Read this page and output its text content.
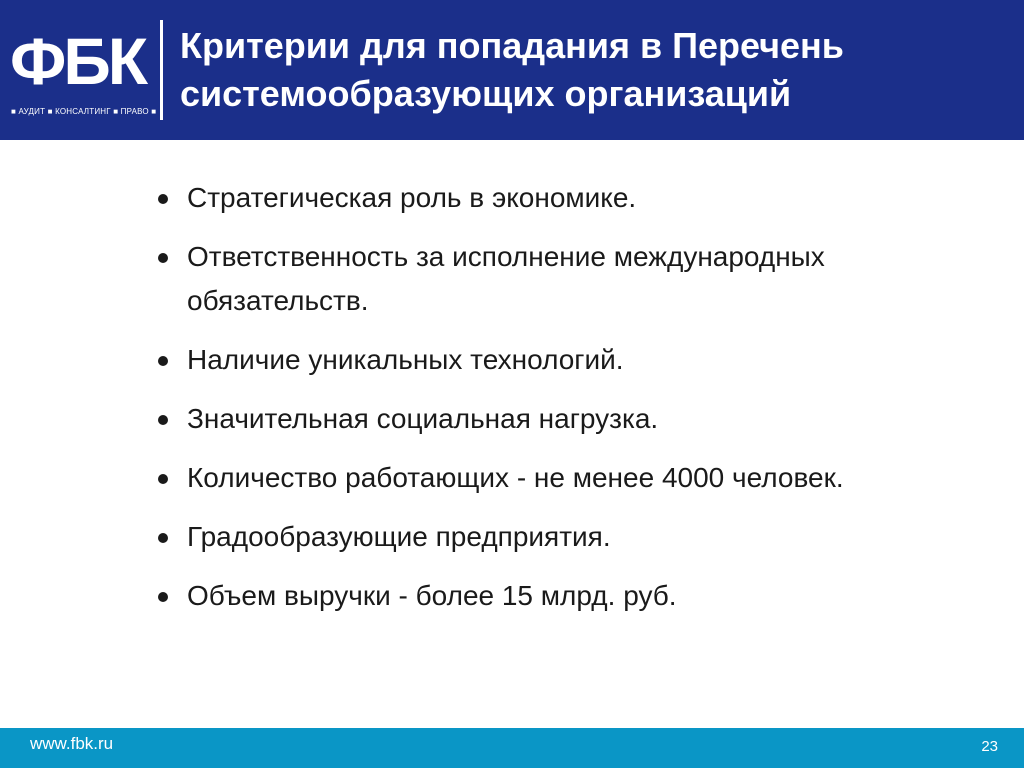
ФБК
■ АУДИТ ■ КОНСАЛТИНГ ■ ПРАВО ■
Критерии для попадания в Перечень системообразующих организаций
Стратегическая роль в экономике.
Ответственность за исполнение международных обязательств.
Наличие уникальных технологий.
Значительная социальная нагрузка.
Количество работающих - не менее 4000 человек.
Градообразующие предприятия.
Объем выручки - более 15 млрд. руб.
www.fbk.ru	23
